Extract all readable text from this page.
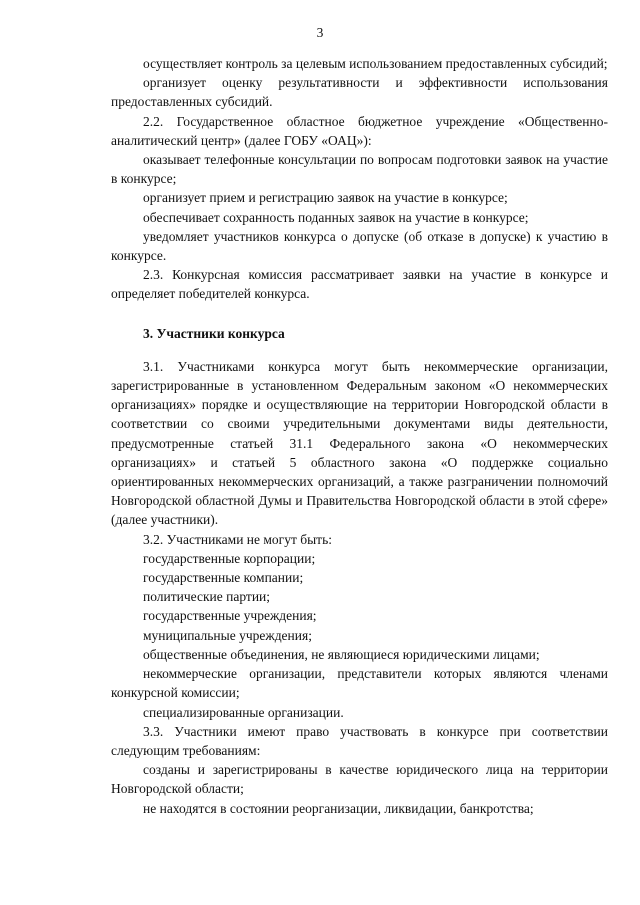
3

осуществляет контроль за целевым использованием предоставленных субсидий;

организует оценку результативности и эффективности использования предоставленных субсидий.

2.2. Государственное областное бюджетное учреждение «Общественно-аналитический центр» (далее ГОБУ «ОАЦ»):

оказывает телефонные консультации по вопросам подготовки заявок на участие в конкурсе;

организует прием и регистрацию заявок на участие в конкурсе;

обеспечивает сохранность поданных заявок на участие в конкурсе;

уведомляет участников конкурса о допуске (об отказе в допуске) к участию в конкурсе.

2.3. Конкурсная комиссия рассматривает заявки на участие в конкурсе и определяет победителей конкурса.

3. Участники конкурса

3.1. Участниками конкурса могут быть некоммерческие организации, зарегистрированные в установленном Федеральным законом «О некоммерческих организациях» порядке и осуществляющие на территории Новгородской области в соответствии со своими учредительными документами виды деятельности, предусмотренные статьей 31.1 Федерального закона «О некоммерческих организациях» и статьей 5 областного закона «О поддержке социально ориентированных некоммерческих организаций, а также разграничении полномочий Новгородской областной Думы и Правительства Новгородской области в этой сфере» (далее участники).

3.2. Участниками не могут быть:

государственные корпорации;

государственные компании;

политические партии;

государственные учреждения;

муниципальные учреждения;

общественные объединения, не являющиеся юридическими лицами;

некоммерческие организации, представители которых являются членами конкурсной комиссии;

специализированные организации.

3.3. Участники имеют право участвовать в конкурсе при соответствии следующим требованиям:

созданы и зарегистрированы в качестве юридического лица на территории Новгородской области;

не находятся в состоянии реорганизации, ликвидации, банкротства;
